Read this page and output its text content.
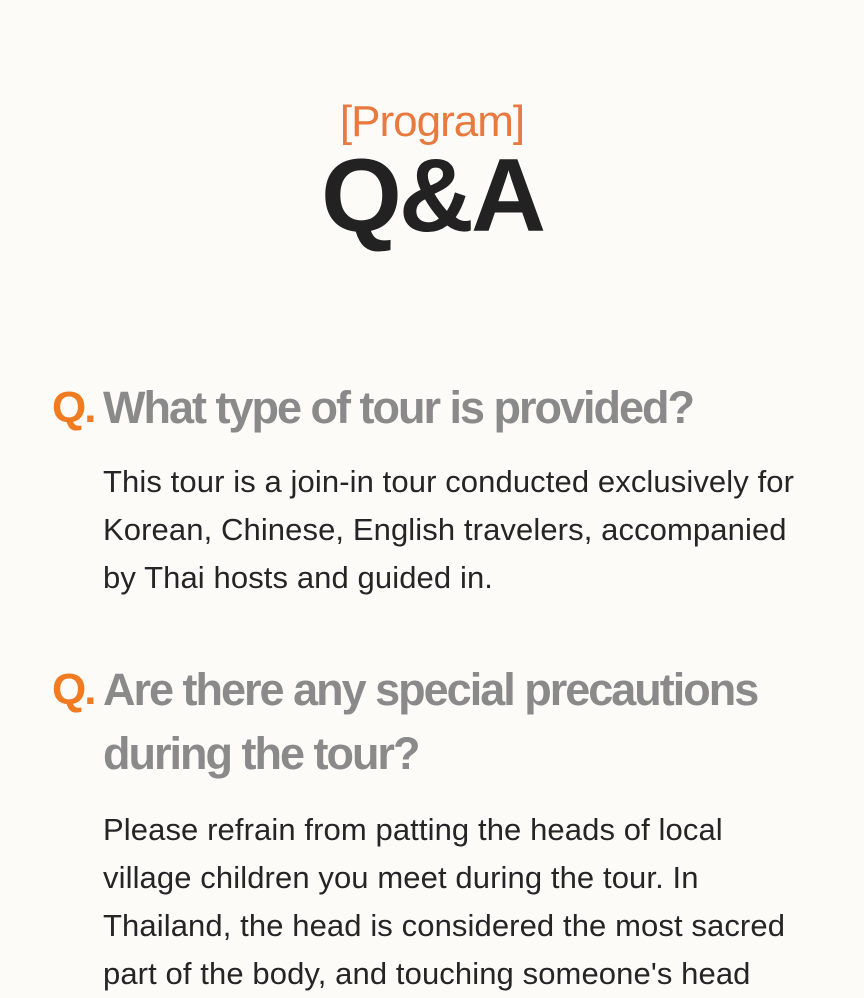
[Program]
Q&A
Q. What type of tour is provided?

This tour is a join-in tour conducted exclusively for Korean, Chinese, English travelers, accompanied by Thai hosts and guided in.

Q. Are there any special precautions during the tour?

Please refrain from patting the heads of local village children you meet during the tour. In Thailand, the head is considered the most sacred part of the body, and touching someone's head
